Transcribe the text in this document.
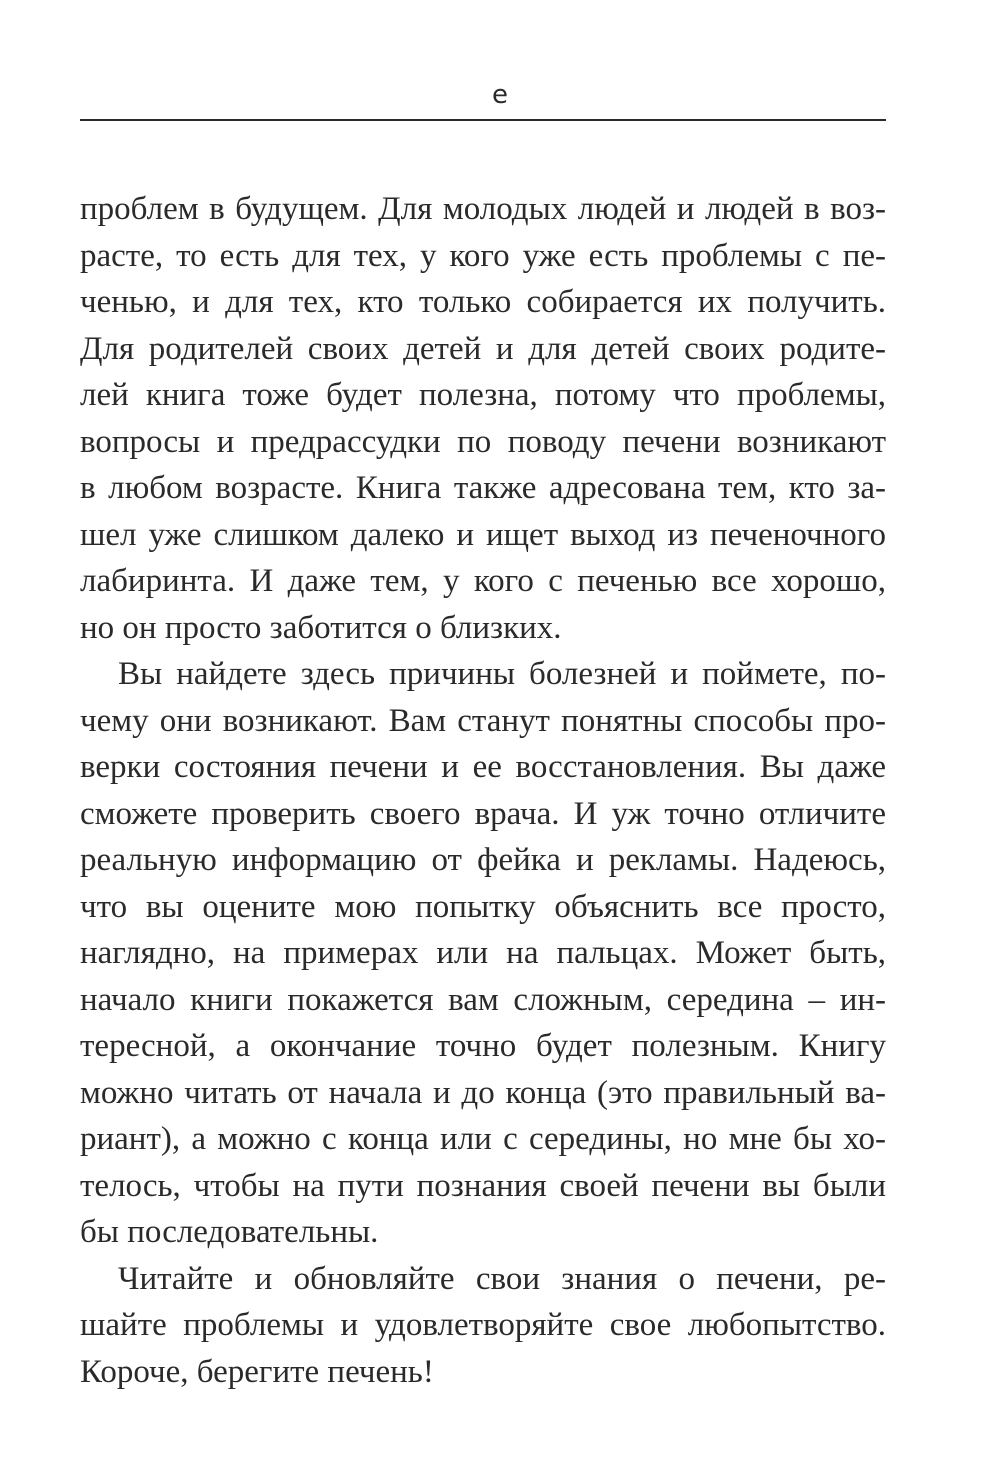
е
проблем в будущем. Для молодых людей и людей в воз-
расте, то есть для тех, у кого уже есть проблемы с пе-
ченью, и для тех, кто только собирается их получить.
Для родителей своих детей и для детей своих родите-
лей книга тоже будет полезна, потому что проблемы,
вопросы и предрассудки по поводу печени возникают
в любом возрасте. Книга также адресована тем, кто за-
шел уже слишком далеко и ищет выход из печеночного
лабиринта. И даже тем, у кого с печенью все хорошо,
но он просто заботится о близких.
Вы найдете здесь причины болезней и поймете, по-
чему они возникают. Вам станут понятны способы про-
верки состояния печени и ее восстановления. Вы даже
сможете проверить своего врача. И уж точно отличите
реальную информацию от фейка и рекламы. Надеюсь,
что вы оцените мою попытку объяснить все просто,
наглядно, на примерах или на пальцах. Может быть,
начало книги покажется вам сложным, середина – ин-
тересной, а окончание точно будет полезным. Книгу
можно читать от начала и до конца (это правильный ва-
риант), а можно с конца или с середины, но мне бы хо-
телось, чтобы на пути познания своей печени вы были
бы последовательны.
Читайте и обновляйте свои знания о печени, ре-
шайте проблемы и удовлетворяйте свое любопытство.
Короче, берегите печень!
